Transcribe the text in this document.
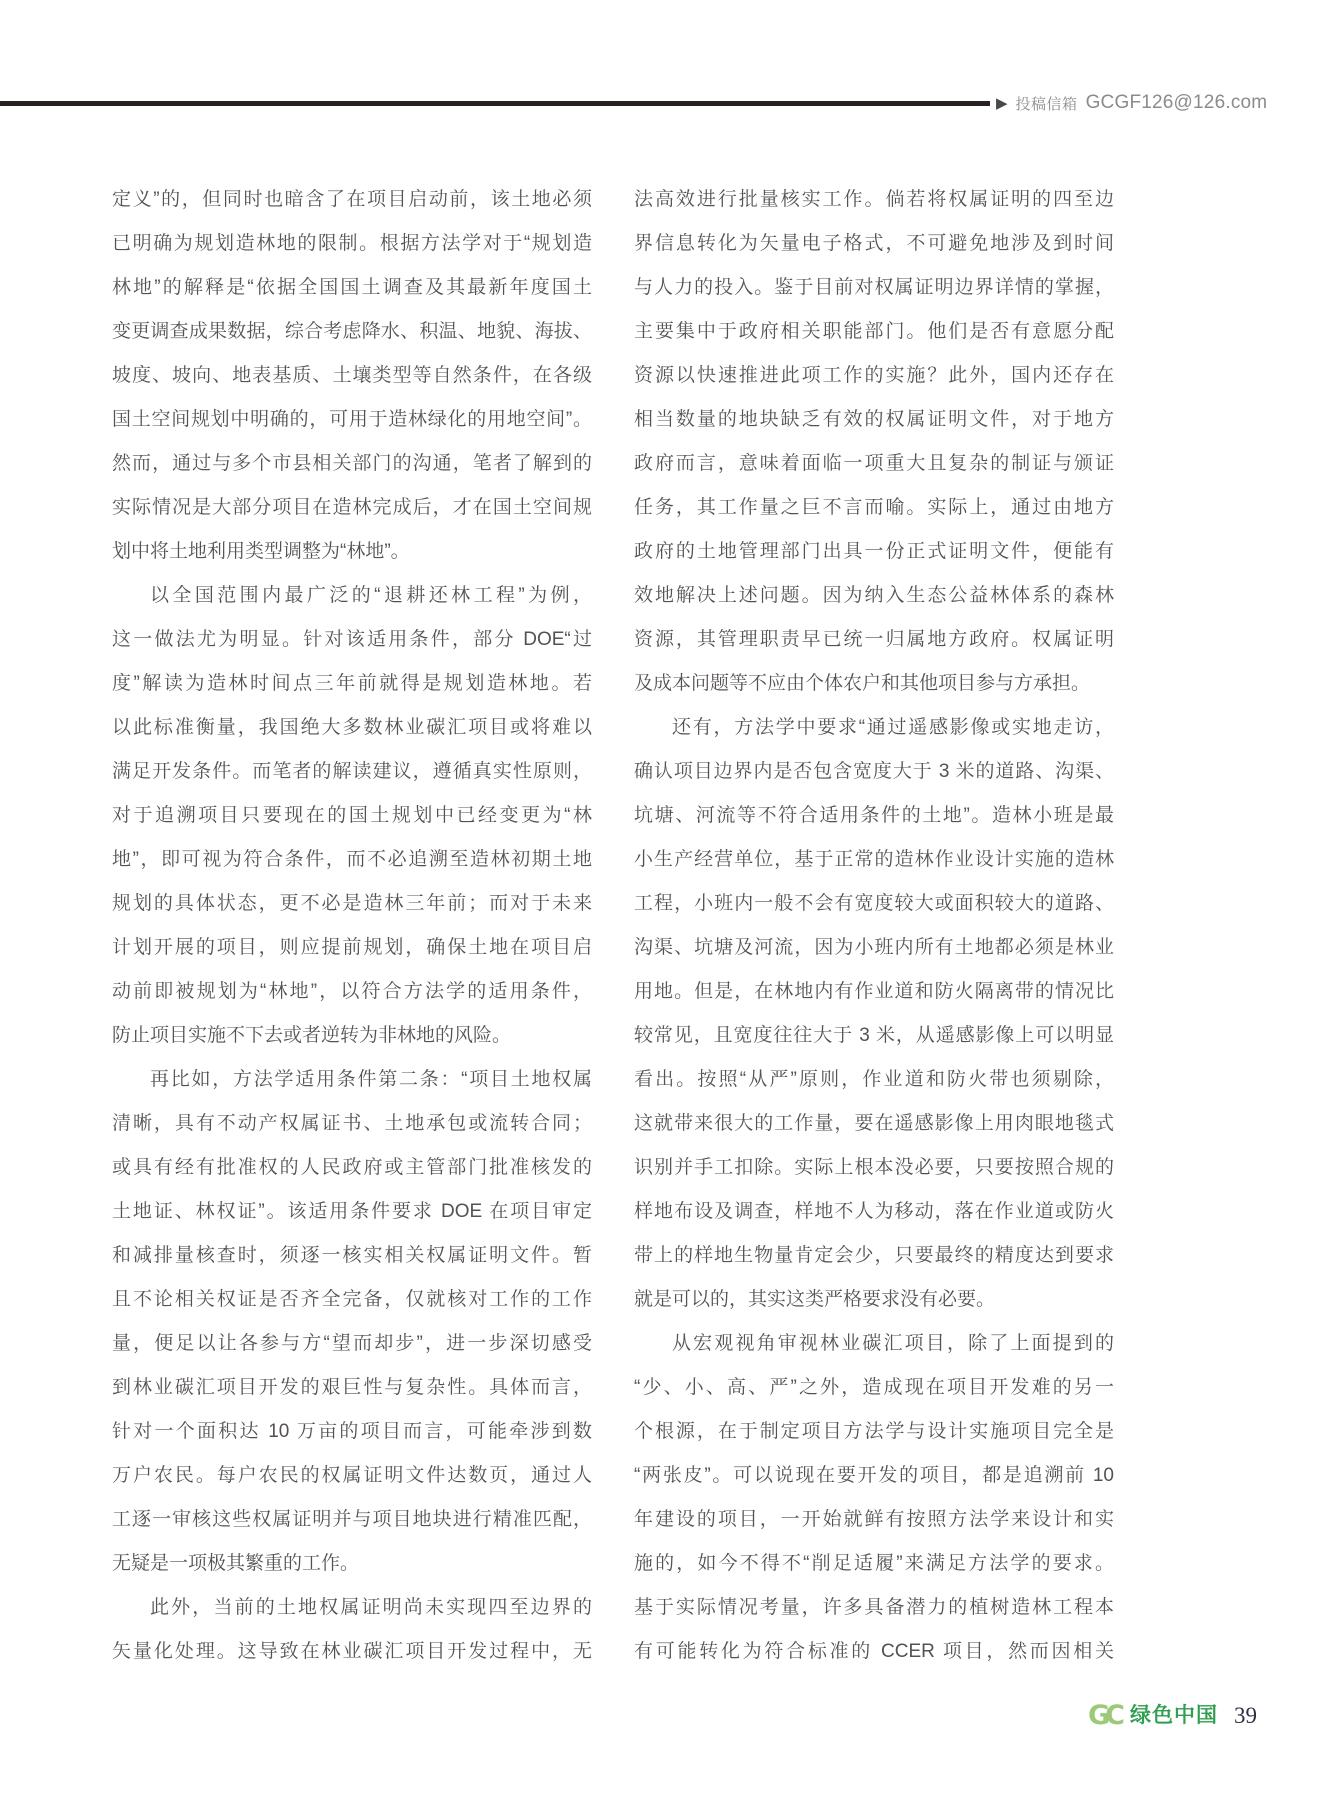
▶ 投稿信箱 GCGF126@126.com
定义”的，但同时也暗含了在项目启动前，该土地必须
已明确为规划造林地的限制。根据方法学对于“规划造
林地”的解释是“依据全国国土调查及其最新年度国土
变更调查成果数据，综合考虑降水、积温、地貌、海拔、
坡度、坡向、地表基质、土壤类型等自然条件，在各级
国土空间规划中明确的，可用于造林绿化的用地空间”。
然而，通过与多个市县相关部门的沟通，笔者了解到的
实际情况是大部分项目在造林完成后，才在国土空间规
划中将土地利用类型调整为“林地”。
以全国范围内最广泛的“退耕还林工程”为例，
这一做法尤为明显。针对该适用条件，部分 DOE“过
度”解读为造林时间点三年前就得是规划造林地。若
以此标准衡量，我国绝大多数林业碳汇项目或将难以
满足开发条件。而笔者的解读建议，遵循真实性原则，
对于追溯项目只要现在的国土规划中已经变更为“林
地”，即可视为符合条件，而不必追溯至造林初期土地
规划的具体状态，更不必是造林三年前；而对于未来
计划开展的项目，则应提前规划，确保土地在项目启
动前即被规划为“林地”，以符合方法学的适用条件，
防止项目实施不下去或者逆转为非林地的风险。
再比如，方法学适用条件第二条：“项目土地权属
清晰，具有不动产权属证书、土地承包或流转合同；
或具有经有批准权的人民政府或主管部门批准核发的
土地证、林权证”。该适用条件要求 DOE 在项目审定
和减排量核查时，须逐一核实相关权属证明文件。暂
且不论相关权证是否齐全完备，仅就核对工作的工作
量，便足以让各参与方“望而却步”，进一步深切感受
到林业碳汇项目开发的艰巨性与复杂性。具体而言，
针对一个面积达 10 万亩的项目而言，可能牵涉到数
万户农民。每户农民的权属证明文件达数页，通过人
工逐一审核这些权属证明并与项目地块进行精准匹配，
无疑是一项极其繁重的工作。
此外，当前的土地权属证明尚未实现四至边界的
矢量化处理。这导致在林业碳汇项目开发过程中，无
法高效进行批量核实工作。倘若将权属证明的四至边
界信息转化为矢量电子格式，不可避免地涉及到时间
与人力的投入。鉴于目前对权属证明边界详情的掌握，
主要集中于政府相关职能部门。他们是否有意愿分配
资源以快速推进此项工作的实施？此外，国内还存在
相当数量的地块缺乏有效的权属证明文件，对于地方
政府而言，意味着面临一项重大且复杂的制证与颁证
任务，其工作量之巨不言而喻。实际上，通过由地方
政府的土地管理部门出具一份正式证明文件，便能有
效地解决上述问题。因为纳入生态公益林体系的森林
资源，其管理职责早已统一归属地方政府。权属证明
及成本问题等不应由个体农户和其他项目参与方承担。
还有，方法学中要求“通过遥感影像或实地走访，
确认项目边界内是否包含宽度大于 3 米的道路、沟渠、
坑塘、河流等不符合适用条件的土地”。造林小班是最
小生产经营单位，基于正常的造林作业设计实施的造林
工程，小班内一般不会有宽度较大或面积较大的道路、
沟渠、坑塘及河流，因为小班内所有土地都必须是林业
用地。但是，在林地内有作业道和防火隔离带的情况比
较常见，且宽度往往大于 3 米，从遥感影像上可以明显
看出。按照“从严”原则，作业道和防火带也须剔除，
这就带来很大的工作量，要在遥感影像上用肉眼地毯式
识别并手工扣除。实际上根本没必要，只要按照合规的
样地布设及调查，样地不人为移动，落在作业道或防火
带上的样地生物量肯定会少，只要最终的精度达到要求
就是可以的，其实这类严格要求没有必要。
从宏观视角审视林业碳汇项目，除了上面提到的
“少、小、高、严”之外，造成现在项目开发难的另一
个根源，在于制定项目方法学与设计实施项目完全是
“两张皮”。可以说现在要开发的项目，都是追溯前 10
年建设的项目，一开始就鲜有按照方法学来设计和实
施的，如今不得不“削足适履”来满足方法学的要求。
基于实际情况考量，许多具备潜力的植树造林工程本
有可能转化为符合标准的 CCER 项目，然而因相关
GC 绿色中国 39
